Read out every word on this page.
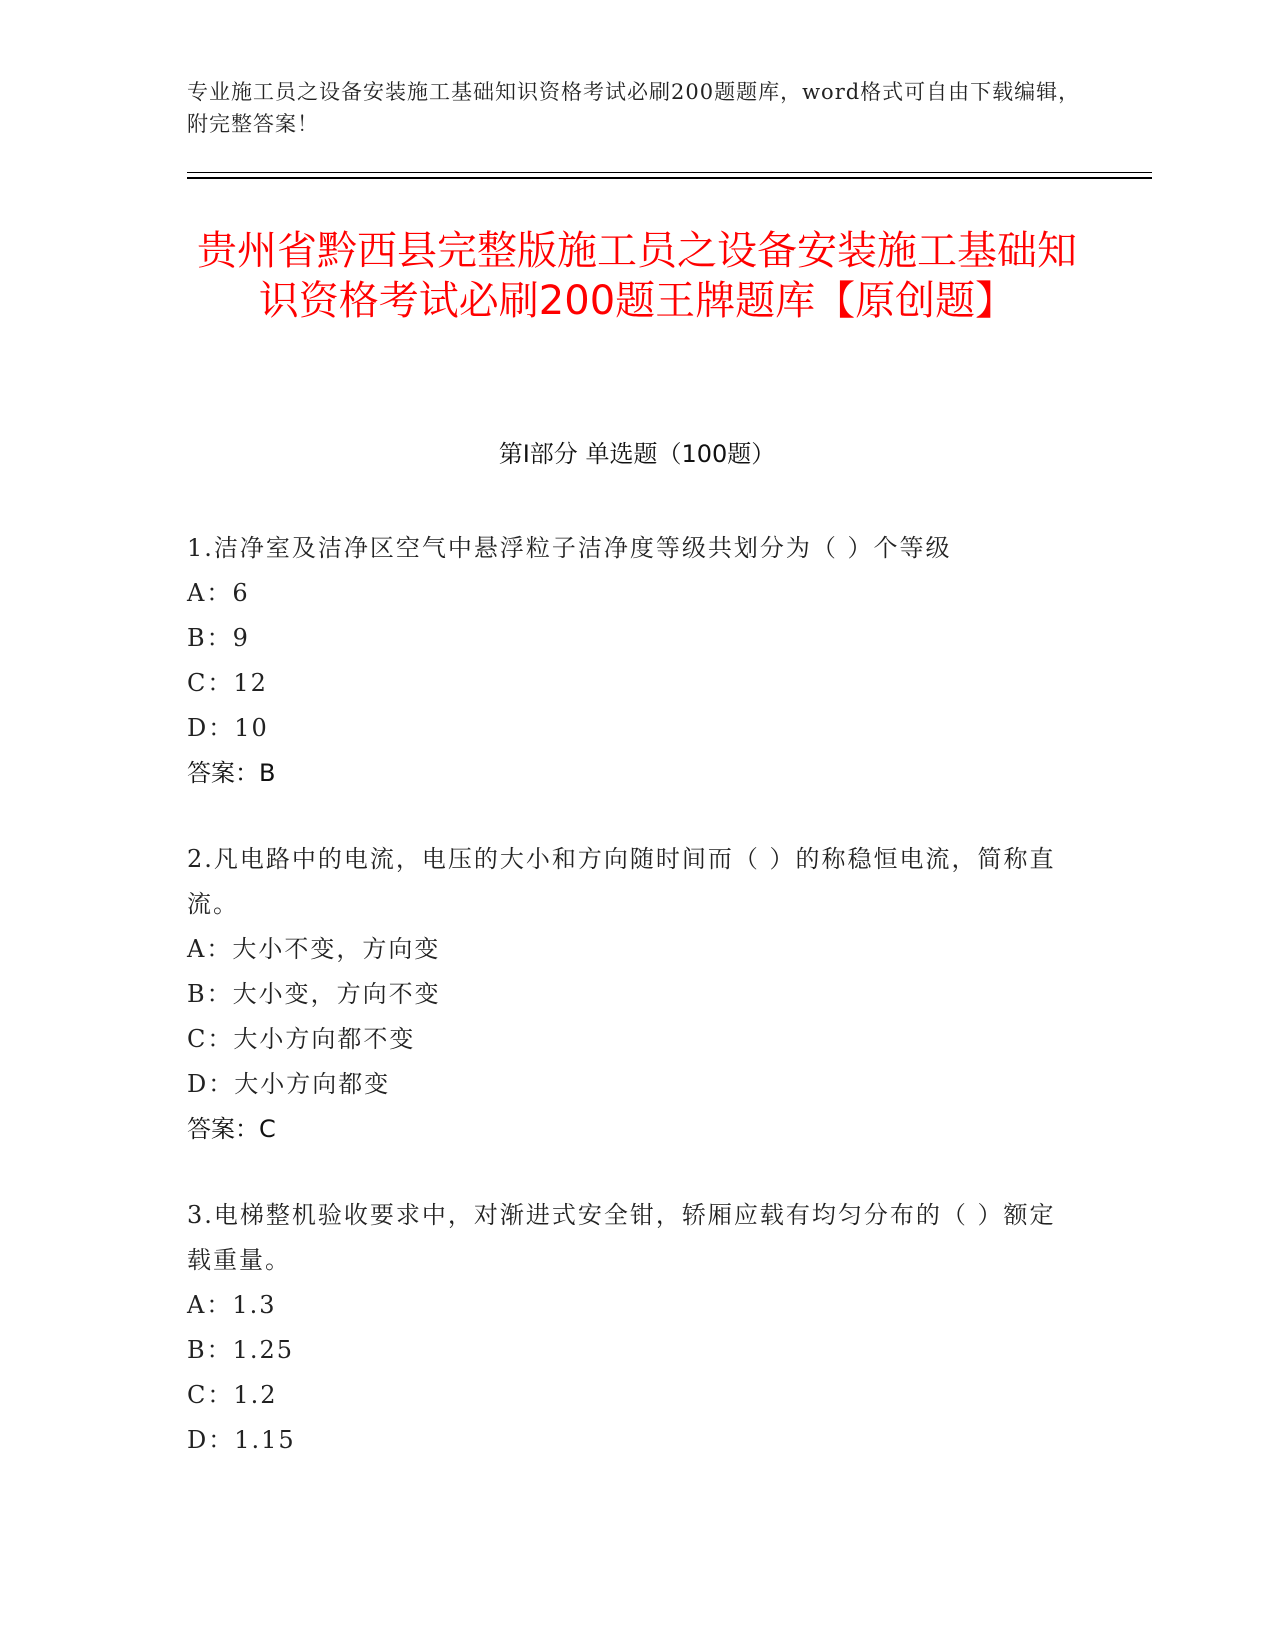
专业施工员之设备安装施工基础知识资格考试必刷200题题库，word格式可自由下载编辑，附完整答案！
贵州省黔西县完整版施工员之设备安装施工基础知识资格考试必刷200题王牌题库【原创题】
第Ⅰ部分 单选题（100题）
1.洁净室及洁净区空气中悬浮粒子洁净度等级共划分为（ ）个等级
A：6
B：9
C：12
D：10
答案：B
2.凡电路中的电流，电压的大小和方向随时间而（ ）的称稳恒电流，简称直流。
A：大小不变，方向变
B：大小变，方向不变
C：大小方向都不变
D：大小方向都变
答案：C
3.电梯整机验收要求中，对渐进式安全钳，轿厢应载有均匀分布的（ ）额定载重量。
A：1.3
B：1.25
C：1.2
D：1.15
